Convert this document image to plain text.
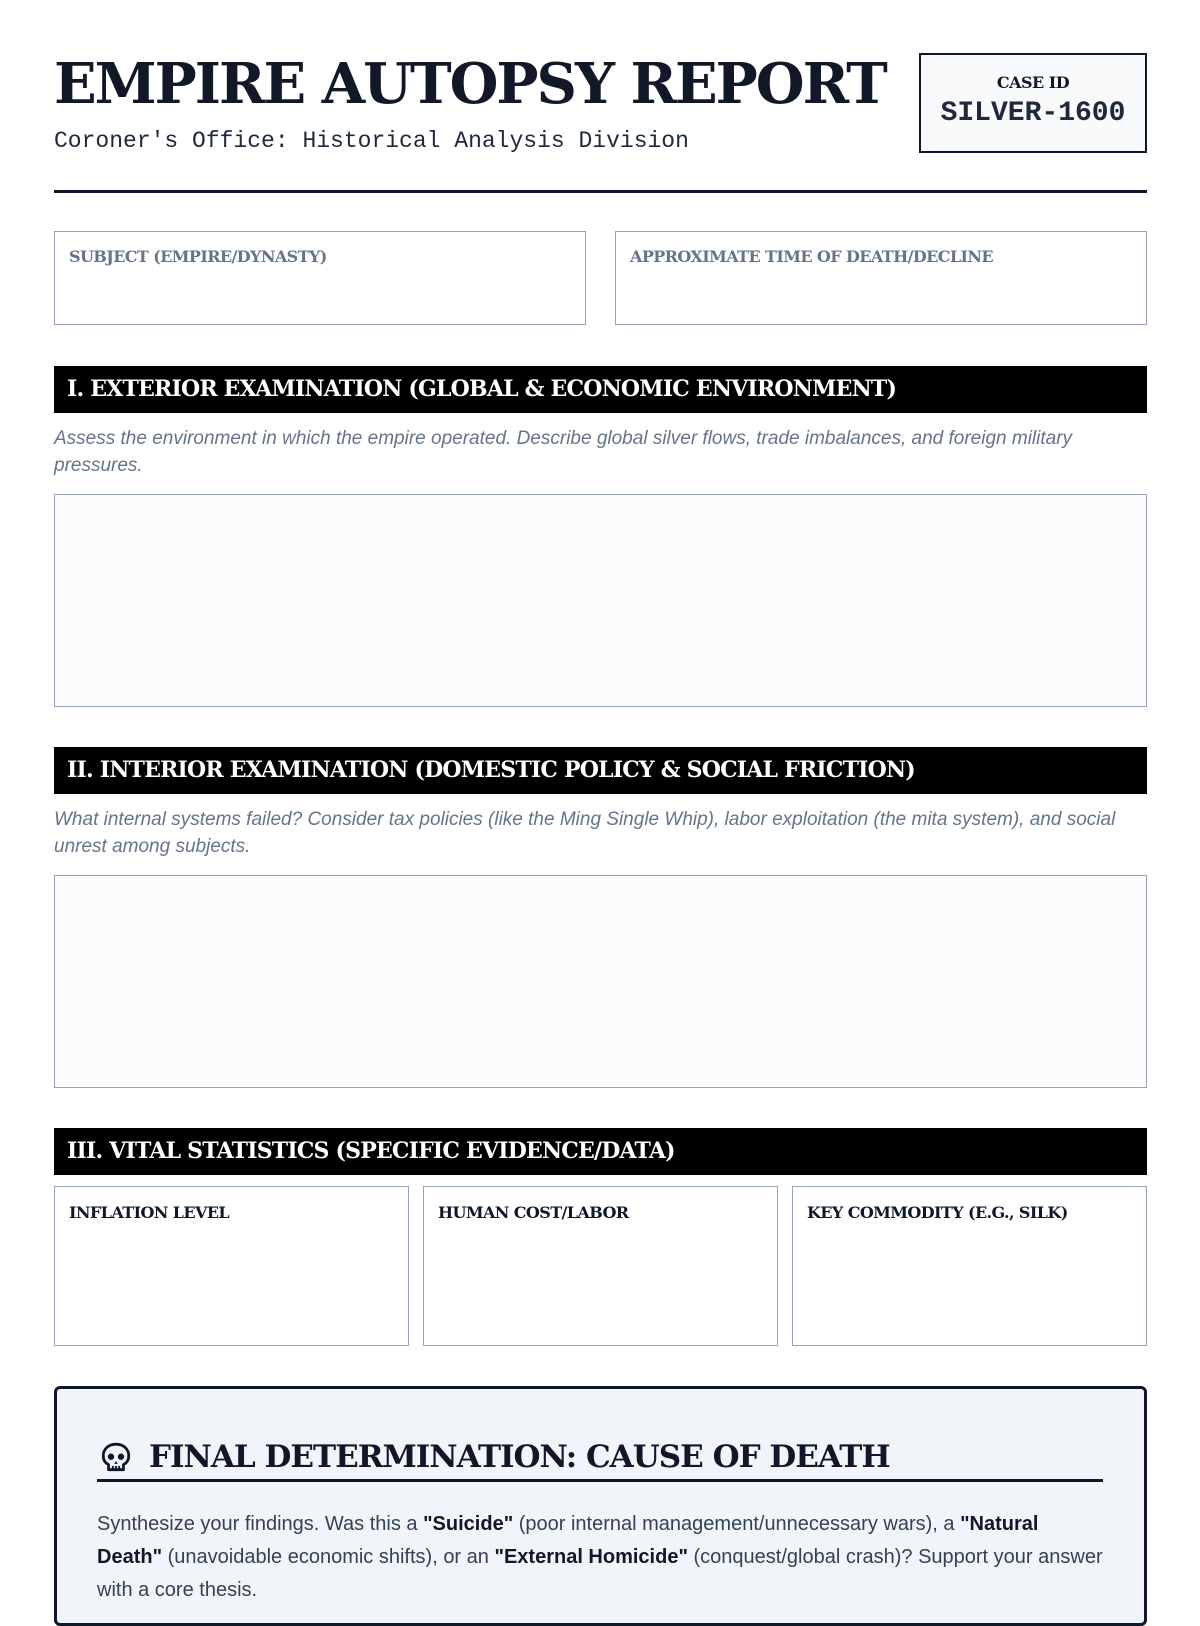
EMPIRE AUTOPSY REPORT
Coroner's Office: Historical Analysis Division
CASE ID
SILVER-1600
SUBJECT (EMPIRE/DYNASTY)	APPROXIMATE TIME OF DEATH/DECLINE
I. EXTERIOR EXAMINATION (GLOBAL & ECONOMIC ENVIRONMENT)
Assess the environment in which the empire operated. Describe global silver flows, trade imbalances, and foreign military pressures.
II. INTERIOR EXAMINATION (DOMESTIC POLICY & SOCIAL FRICTION)
What internal systems failed? Consider tax policies (like the Ming Single Whip), labor exploitation (the mita system), and social unrest among subjects.
III. VITAL STATISTICS (SPECIFIC EVIDENCE/DATA)
INFLATION LEVEL	HUMAN COST/LABOR	KEY COMMODITY (E.G., SILK)
FINAL DETERMINATION: CAUSE OF DEATH
Synthesize your findings. Was this a "Suicide" (poor internal management/unnecessary wars), a "Natural Death" (unavoidable economic shifts), or an "External Homicide" (conquest/global crash)? Support your answer with a core thesis.
